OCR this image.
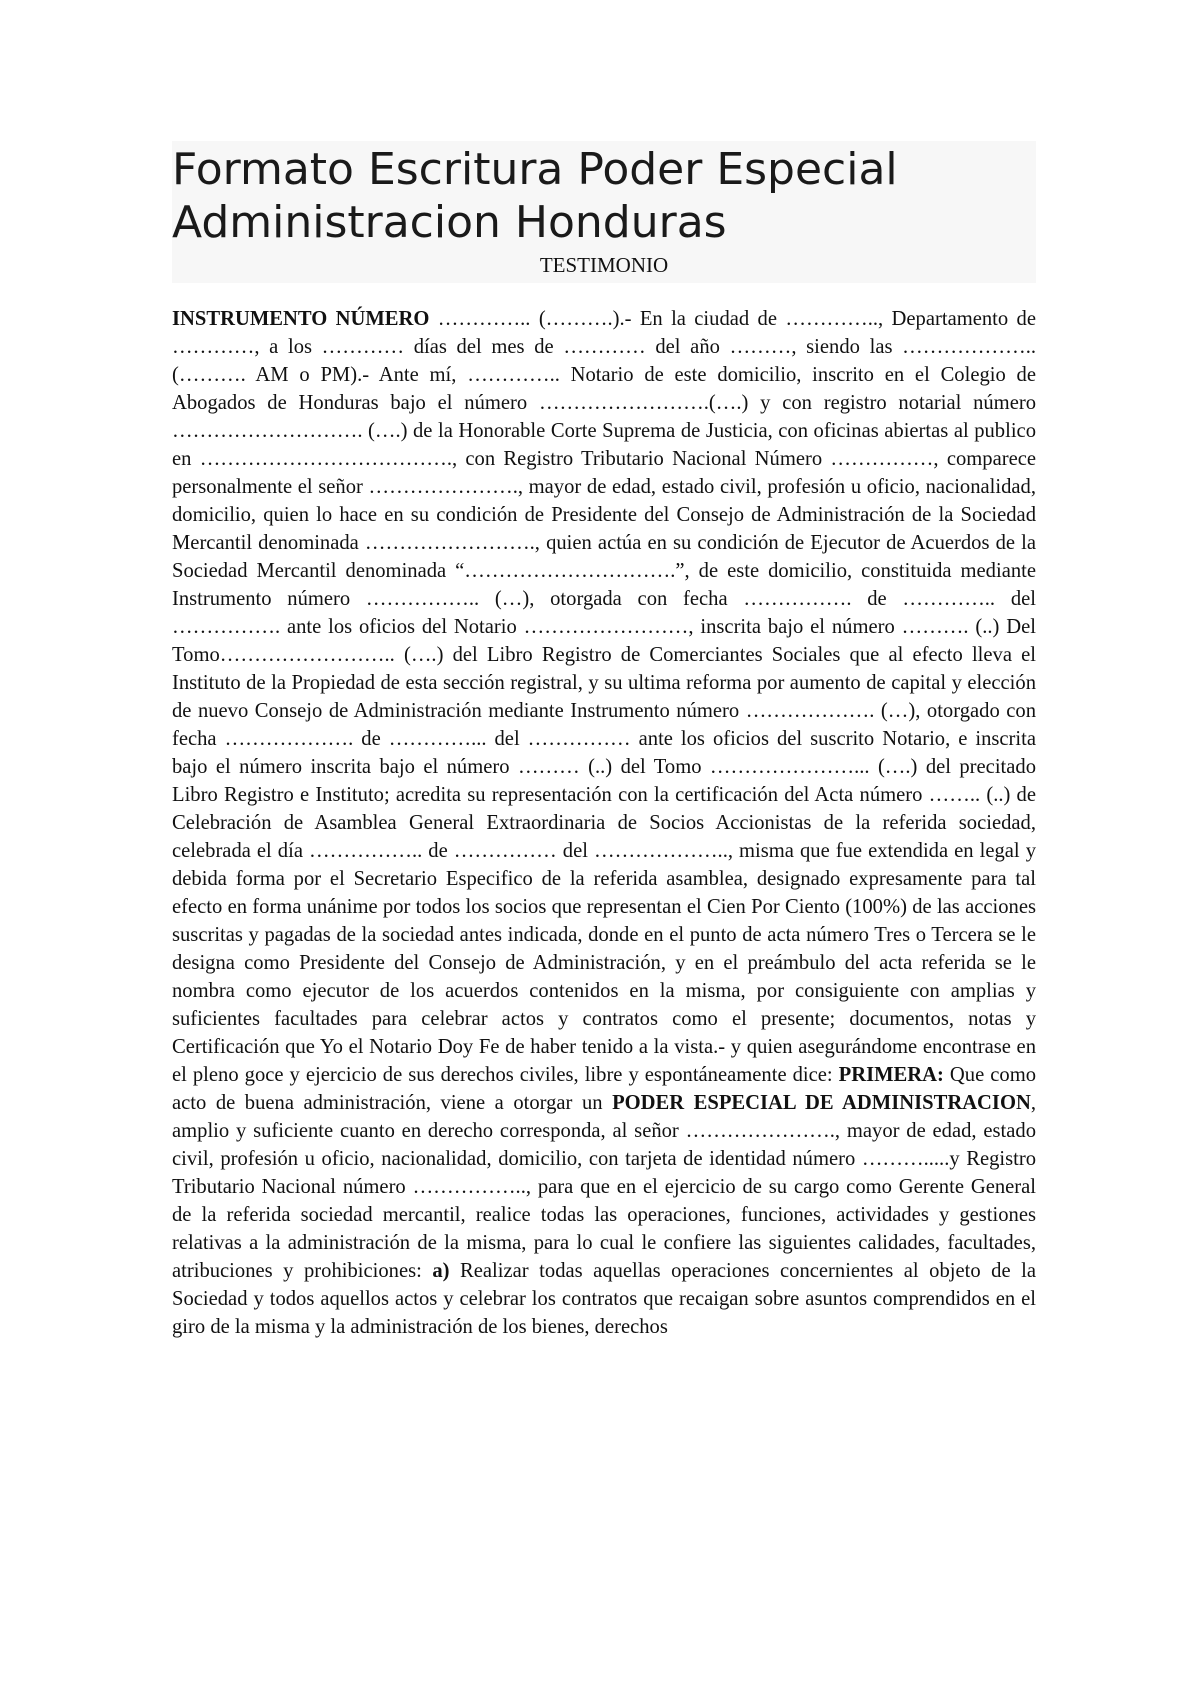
Formato Escritura Poder Especial Administracion Honduras

TESTIMONIO

INSTRUMENTO NÚMERO ………….. (……….).- En la ciudad de ………….., Departamento de …………, a los ………… días del mes de ………… del año ………, siendo las ……………….. (………. AM o PM).- Ante mí, ………….. Notario de este domicilio, inscrito en el Colegio de Abogados de Honduras bajo el número …………………….(….) y con registro notarial número ………………………. (….) de la Honorable Corte Suprema de Justicia, con oficinas abiertas al publico en ………………………………., con Registro Tributario Nacional Número ……………, comparece personalmente el señor …………………., mayor de edad, estado civil, profesión u oficio, nacionalidad, domicilio, quien lo hace en su condición de Presidente del Consejo de Administración de la Sociedad Mercantil denominada ……………………., quien actúa en su condición de Ejecutor de Acuerdos de la Sociedad Mercantil denominada “………………………….”, de este domicilio, constituida mediante Instrumento número …………….. (…), otorgada con fecha ……………. de ………….. del ……………. ante los oficios del Notario ……………………, inscrita bajo el número ………. (..) Del Tomo…………………….. (….) del Libro Registro de Comerciantes Sociales que al efecto lleva el Instituto de la Propiedad de esta sección registral, y su ultima reforma por aumento de capital y elección de nuevo Consejo de Administración mediante Instrumento número ………………. (…), otorgado con fecha ………………. de …………... del …………… ante los oficios del suscrito Notario, e inscrita bajo el número inscrita bajo el número ……… (..) del Tomo …………………... (….) del precitado Libro Registro e Instituto; acredita su representación con la certificación del Acta número …….. (..) de Celebración de Asamblea General Extraordinaria de Socios Accionistas de la referida sociedad, celebrada el día …………….. de …………… del ……………….., misma que fue extendida en legal y debida forma por el Secretario Especifico de la referida asamblea, designado expresamente para tal efecto en forma unánime por todos los socios que representan el Cien Por Ciento (100%) de las acciones suscritas y pagadas de la sociedad antes indicada, donde en el punto de acta número Tres o Tercera se le designa como Presidente del Consejo de Administración, y en el preámbulo del acta referida se le nombra como ejecutor de los acuerdos contenidos en la misma, por consiguiente con amplias y suficientes facultades para celebrar actos y contratos como el presente; documentos, notas y Certificación que Yo el Notario Doy Fe de haber tenido a la vista.- y quien asegurándome encontrase en el pleno goce y ejercicio de sus derechos civiles, libre y espontáneamente dice: PRIMERA: Que como acto de buena administración, viene a otorgar un PODER ESPECIAL DE ADMINISTRACION, amplio y suficiente cuanto en derecho corresponda, al señor …………………., mayor de edad, estado civil, profesión u oficio, nacionalidad, domicilio, con tarjeta de identidad número ……….....y Registro Tributario Nacional número …………….., para que en el ejercicio de su cargo como Gerente General de la referida sociedad mercantil, realice todas las operaciones, funciones, actividades y gestiones relativas a la administración de la misma, para lo cual le confiere las siguientes calidades, facultades, atribuciones y prohibiciones: a) Realizar todas aquellas operaciones concernientes al objeto de la Sociedad y todos aquellos actos y celebrar los contratos que recaigan sobre asuntos comprendidos en el giro de la misma y la administración de los bienes, derechos
